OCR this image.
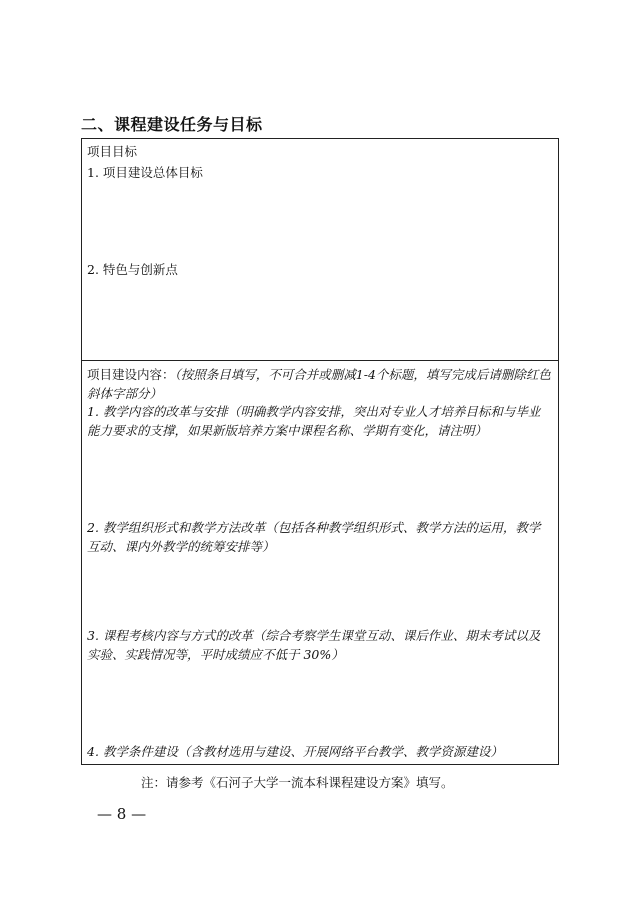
二、课程建设任务与目标
项目目标
1. 项目建设总体目标
2. 特色与创新点
项目建设内容：（按照条目填写，不可合并或删减1-4个标题，填写完成后请删除红色斜体字部分）
1. 教学内容的改革与安排（明确教学内容安排，突出对专业人才培养目标和与毕业能力要求的支撑，如果新版培养方案中课程名称、学期有变化，请注明）
2. 教学组织形式和教学方法改革（包括各种教学组织形式、教学方法的运用，教学互动、课内外教学的统筹安排等）
3. 课程考核内容与方式的改革（综合考察学生课堂互动、课后作业、期末考试以及实验、实践情况等，平时成绩应不低于 30%）
4. 教学条件建设（含教材选用与建设、开展网络平台教学、教学资源建设）
注：请参考《石河子大学一流本科课程建设方案》填写。
— 8 —
